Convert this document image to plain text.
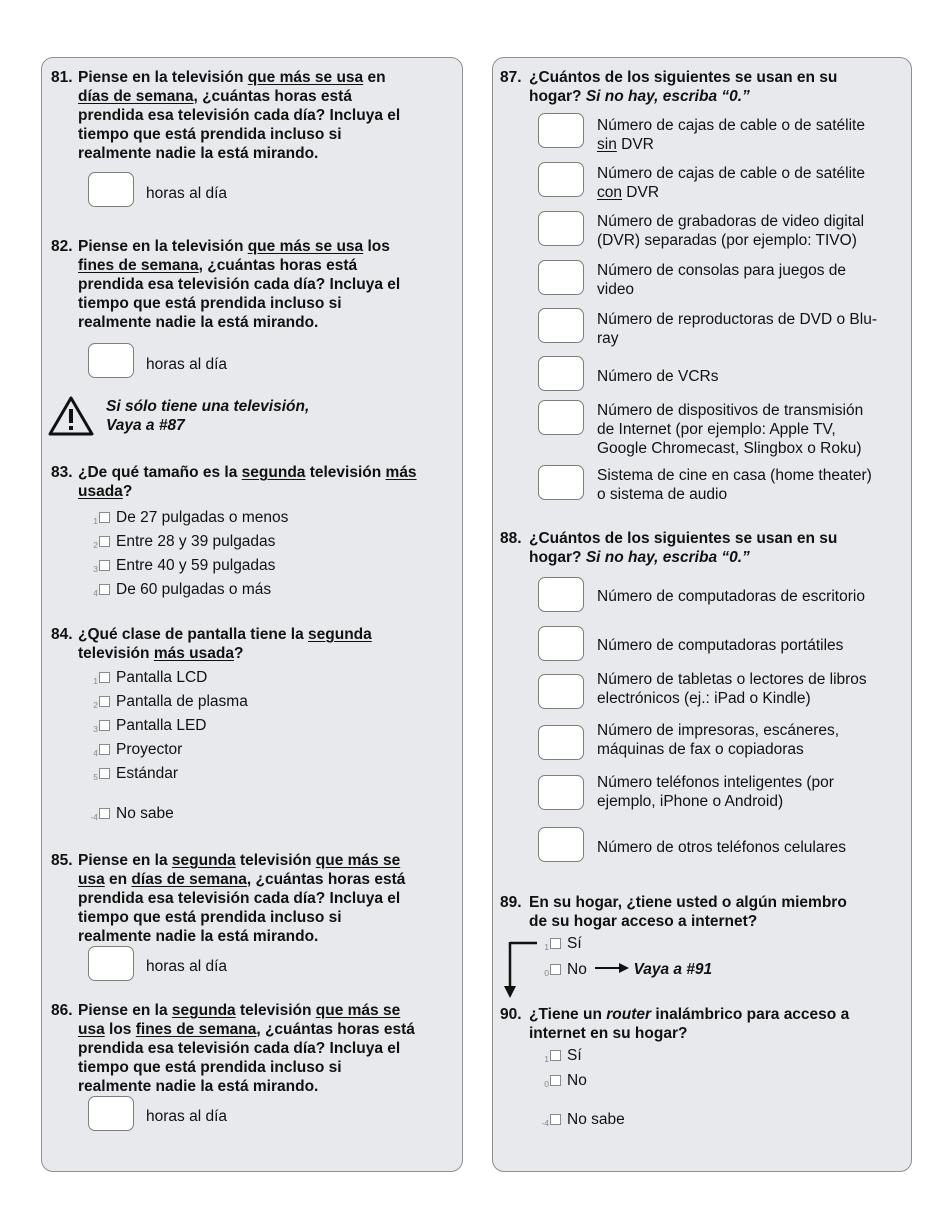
81. Piense en la televisión que más se usa en
días de semana, ¿cuántas horas está
prendida esa televisión cada día? Incluya el
tiempo que está prendida incluso si
realmente nadie la está mirando.
horas al día
82. Piense en la televisión que más se usa los
fines de semana, ¿cuántas horas está
prendida esa televisión cada día? Incluya el
tiempo que está prendida incluso si
realmente nadie la está mirando.
horas al día
Si sólo tiene una televisión,
Vaya a #87
83. ¿De qué tamaño es la segunda televisión más
usada?
1 De 27 pulgadas o menos
2 Entre 28 y 39 pulgadas
3 Entre 40 y 59 pulgadas
4 De 60 pulgadas o más
84. ¿Qué clase de pantalla tiene la segunda
televisión más usada?
1 Pantalla LCD
2 Pantalla de plasma
3 Pantalla LED
4 Proyector
5 Estándar
-4 No sabe
85. Piense en la segunda televisión que más se
usa en días de semana, ¿cuántas horas está
prendida esa televisión cada día? Incluya el
tiempo que está prendida incluso si
realmente nadie la está mirando.
horas al día
86. Piense en la segunda televisión que más se
usa los fines de semana, ¿cuántas horas está
prendida esa televisión cada día? Incluya el
tiempo que está prendida incluso si
realmente nadie la está mirando.
horas al día
87. ¿Cuántos de los siguientes se usan en su
hogar? Si no hay, escriba “0.”
Número de cajas de cable o de satélite
sin DVR
Número de cajas de cable o de satélite
con DVR
Número de grabadoras de video digital
(DVR) separadas (por ejemplo: TIVO)
Número de consolas para juegos de
video
Número de reproductoras de DVD o Blu-
ray
Número de VCRs
Número de dispositivos de transmisión
de Internet (por ejemplo: Apple TV,
Google Chromecast, Slingbox o Roku)
Sistema de cine en casa (home theater)
o sistema de audio
88. ¿Cuántos de los siguientes se usan en su
hogar? Si no hay, escriba “0.”
Número de computadoras de escritorio
Número de computadoras portátiles
Número de tabletas o lectores de libros
electrónicos (ej.: iPad o Kindle)
Número de impresoras, escáneres,
máquinas de fax o copiadoras
Número teléfonos inteligentes (por
ejemplo, iPhone o Android)
Número de otros teléfonos celulares
89. En su hogar, ¿tiene usted o algún miembro
de su hogar acceso a internet?
1 Sí
0 No	Vaya a #91
90. ¿Tiene un router inalámbrico para acceso a
internet en su hogar?
1 Sí
0 No
-4 No sabe
